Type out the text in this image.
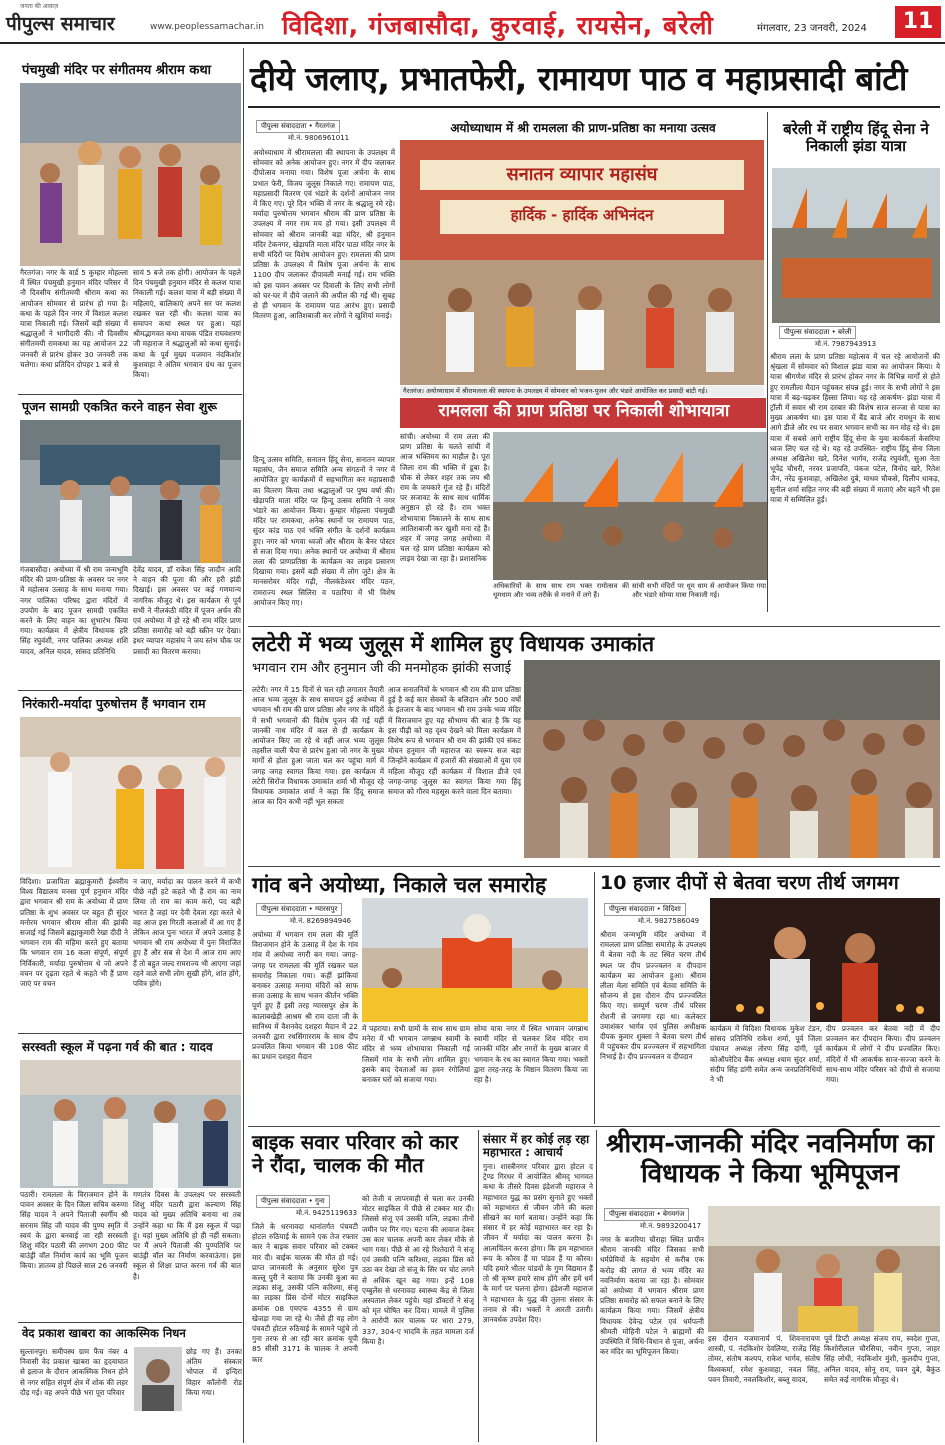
जनता की आवाज़
पीपुल्स समाचार	www.peoplessamachar.in विदिशा, गंजबासौदा, कुरवाई, रायसेन, बरेली	मंगलवार, 23 जनवरी, 2024	11
पंचमुखी मंदिर पर संगीतमय श्रीराम कथा
गैरतगंज। नगर के वार्ड 5 कुम्हार मोहल्ला में स्थित पंचमुखी हनुमान मंदिर परिसर में नौ दिवसीय संगीतमयी श्रीराम कथा का आयोजन सोमवार से प्रारंभ हो गया है। कथा के पहले दिन नगर में विशाल कलश यात्रा निकाली गई। जिसमें बड़ी संख्या में श्रद्धालुओं ने भागीदारी की। नौ दिवसीय संगीतमयी रामकथा का यह आयोजन 22 जनवरी से प्रारंभ होकर 30 जनवरी तक चलेगा। कथा प्रतिदिन दोपहर 1 बजे से
सायं 5 बजे तक होगी। आयोजन के पहले दिन पंचमुखी हनुमान मंदिर से कलश यात्रा निकाली गई। कलश यात्रा में बड़ी संख्या में महिलाएं, बालिकाएं अपने सर पर कलश रखकर चल रही थी। कलश यात्रा का समापन कथा स्थल पर हुआ। यहां श्रीमद्भागवत कथा वाचक पंडित राघवशरण जी महाराज ने श्रद्धालुओं को कथा सुनाई। कथा के पूर्व मुख्य यजमान नंदकिशोर कुशवाहा ने अंतिम भगवान ग्रंथ का पूजन किया।
पूजन सामग्री एकत्रित करने वाहन सेवा शुरू
गंजबासौदा। अयोध्या में श्री राम जन्मभूमि मंदिर की प्राण-प्रतिष्ठा के अवसर पर नगर में महोत्सव उत्साह के साथ मनाया गया। नगर पालिका परिषद द्वारा मंदिरों में उपयोग के बाद पूजन सामग्री एकत्रित करने के लिए वाहन का शुभारंभ किया गया। कार्यक्रम में क्षेत्रीय विधायक हरि सिंह रघुवंशी, नगर पालिका अध्यक्ष शशि यादव, अनिल यादव, सांसद प्रतिनिधि
देवेंद्र यादव, डॉ राकेश सिंह जादौन आदि ने वाहन की पूजा की और हरी झंडी दिखाई। इस अवसर पर कई गणमान्य नागरिक मौजूद थे। इस कार्यक्रम से पूर्व सभी ने नीलकंठी मंदिर में पूजन अर्चन की एवं अयोध्या में हो रहे श्री राम मंदिर प्राण प्रतिष्ठा समारोह को बड़ी स्क्रीन पर देखा। इधर व्यापार महासंघ ने जय स्तंभ चौक पर प्रसादी का वितरण कराया।
निरंकारी-मर्यादा पुरुषोत्तम हैं भगवान राम
विदिशा। प्रजापिता ब्रह्माकुमारी ईश्वरीय विश्व विद्यालय मनसा पूर्ण हनुमान मंदिर द्वारा भगवान श्री राम के अयोध्या में प्राण प्रतिष्ठा के शुभ अवसर पर बहुत ही सुंदर मनोरम भगवान श्रीराम सीता की झांकी सजाई गई जिसमें ब्रह्माकुमारी रेखा दीदी ने भगवान राम की महिमा करते हुए बताया कि भगवान राम 16 कला संपूर्ण, संपूर्ण निर्विकारी, मर्यादा पुरुषोत्तम थे जो अपने वचन पर दृढ़ता रहते थे कहते भी हैं प्राण जाएं पर वचन
न जाए, मर्यादा का पालन करने में कभी पीछे नहीं हटे कहते भी हैं राम का नाम लिया तो राम का काम करो, पद बड़ी भारत है जहां पर देवी देवता रहा करते थे वह आज इस गिरती कलाओं में आ गए हैं लेकिन आज पुनः भारत में अपने उत्साह है भगवान श्री राम अयोध्या में पुनः विराजित हुए हैं और सब से देश में आज राम आए हैं तो बहुत जल्द रामराज्य भी आएगा जहां रहने वाले सभी लोग सुखी होंगे, शांत होंगे, पवित्र होंगे।
सरस्वती स्कूल में पढ़ना गर्व की बात : यादव
पठारी। रामलला के विराजमान होने के पावन अवसर के दिन जिला सचिव करुणा सिंह यादव ने अपने पिताजी स्वर्गीय श्री सरनाम सिंह जी यादव की पुण्य स्मृति में स्वयं के द्वारा बनवाई जा रही सरस्वती शिशु मंदिर पठारी की लगभग 200 फीट बाउंड्री वॉल निर्माण कार्य का भूमि पूजन किया। ज्ञातव्य हो पिछले साल 26 जनवरी
गणतंत्र दिवस के उपलक्ष्य पर सरस्वती शिशु मंदिर पठारी द्वारा कल्याण सिंह यादव को मुख्य अतिथि बनाया था तब उन्होंने कहा था कि मैं इस स्कूल में पढ़ा हूं। यहां मुख्य अतिथि हो ही नहीं सकता। पर मैं अपने पिताजी की पुण्यतिथि पर बाउंड्री वॉल का निर्माण करवाऊंगा। इस स्कूल से शिक्षा प्राप्त करना गर्व की बात है।
वेद प्रकाश खाबरा का आकस्मिक निधन
सुल्तानपुर। समीपस्थ ग्राम फैंच नंबर 4 निवासी वेद प्रकाश खाबरा का हृदयाघात से इलाज के दौरान आकस्मिक निधन होने से नगर सहित संपूर्ण क्षेत्र में शोक की लहर दौड़ गई। वह अपने पीछे भरा पूरा परिवार
छोड़ गए हैं। उनका अंतिम संस्कार भोपाल में इन्दिरा विहार कॉलोनी रोड किया गया।
दीये जलाए, प्रभातफेरी, रामायण पाठ व महाप्रसादी बांटी
पीपुल्स संवाददाता • गैरतगंज
मो.नं. 9806961011
अयोध्याधाम में श्रीरामलला की स्थापना के उपलक्ष्य में सोमवार को अनेक आयोजन हुए। नगर में दीप जलाकर दीपोत्सव मनाया गया। विशेष पूजा अर्चना के साथ प्रभात फेरी, विजय जुलूस निकाले गए। रामायण पाठ, महाप्रसादी वितरण एवं भंडारे के दर्शनों आयोजन नगर में किए गए। पूरे दिन भक्ति में नगर के श्रद्धालु रमे रहे। मर्यादा पुरुषोत्तम भगवान श्रीराम की प्राण प्रतिष्ठा के उपलक्ष्य में नगर राम मय हो गया। इसी उपलक्ष्य में सोमवार को श्रीराम जानकी बड़ा मंदिर, श्री हनुमान मंदिर टेकनगर, खेड़ापति माता मंदिर पाठा मंदिर नगर के सभी मंदिरों पर विशेष आयोजन हुए। रामलला की प्राण प्रतिष्ठा के उपलक्ष्य में विशेष पूजा अर्चना के साथ 1100 दीप जलाकर दीपावली मनाई गई। राम भक्ति को इस पावन अवसर पर दिवाली के लिए सभी लोगों को घर-घर में दीये जलाने की अपील की गई थी। सुबह से ही भगवान के रामायण पाठ आरंभ हुए। प्रसादी वितरण हुआ, आतिशबाजी कर लोगों ने खुशियां मनाई।
हिन्दू उत्सव समिति, सनातन हिंदू सेना, सनातन व्यापार महासंघ, जैन समाज समिति अन्य संगठनों ने नगर में आयोजित हुए कार्यक्रमों में सहभागिता कर महाप्रसादी का वितरण किया तथा श्रद्धालुओं पर पुष्प वर्षा की। खेड़ापति माता मंदिर पर हिन्दू उत्सव समिति ने नगर भंडारे का आयोजन किया। कुम्हार मोहल्ला पंचमुखी मंदिर पर रामकथा, अनेक स्थानों पर रामायण पाठ, सुंदर कांड पाठ एवं भक्ति संगीत के दर्शनों कार्यक्रम हुए। नगर को भगवा ध्वजों और श्रीराम के बैनर पोस्टर से सजा दिया गया। अनेक स्थानों पर अयोध्या में श्रीराम लला की प्राणप्रतिष्ठा के कार्यक्रम का लाइव प्रसारण दिखाया गया। इसमें बड़ी संख्या में लोग जुटे। क्षेत्र के मानसरोवर मंदिर गढ़ी, नीलकंठेश्वर मंदिर पठन, रामराज्य स्थल सिलिरा व पठारिया में भी विशेष आयोजन किए गए।
अयोध्याधाम में श्री रामलला की प्राण-प्रतिष्ठा का मनाया उत्सव
सनातन व्यापार महासंघ
हार्दिक - हार्दिक अभिनंदन
गैरतगंज। अयोध्याधाम में श्रीरामलला की स्थापना के उपलक्ष्य में सोमवार को भजन-पूजन और भंडारे आयोजित कर प्रसादी बांटी गई।
बरेली में राष्ट्रीय हिंदू सेना ने निकाली झंडा यात्रा
पीपुल्स संवाददाता • बरेली
मो.नं. 7987943913
श्रीराम लला के प्राण प्रतिष्ठा महोत्सव में चल रहे आयोजनों की श्रृंखला में सोमवार को विशाल झंडा यात्रा का आयोजन किया। ये यात्रा श्रीगणेश मंदिर से प्रारंभ होकर नगर के विभिन्न मार्गों से होते हुए रामलीला मैदान पहुंचकर संपन्न हुई। नगर के सभी लोगों ने इस यात्रा में बढ़-चढ़कर हिस्सा लिया। यह रहे आकर्षण- झंडा यात्रा में ट्रॉली में सवार श्री राम दरबार की विशेष साज सज्जा से यात्रा का मुख्य आकर्षण था। इस यात्रा में बैंड बाजे और रामधुन के साथ आगे डीजे और रथ पर सवार भगवान सभी का मन मोह रहे थे। इस यात्रा में सबसे आगे राष्ट्रीय हिंदू सेना के युवा कार्यकर्ता केसरिया ध्वज लिए चल रहे थे। यह रहे उपस्थित- राष्ट्रीय हिंदू सेना जिला अध्यक्ष अखिलेश खरे, दिनेश भार्गव, राजेंद्र रघुवंशी, सुआ नेता भूपेंद्र चौधरी, नरवर प्रजापति, पंकज पटेल, विनोद खरे, रितेश जैन, नरेंद्र कुशवाहा, अखिलेश दुबे, माधव चौकसे, दिलीप धाकड़, सुनील शर्मा सहित नगर की बड़ी संख्या में माताएं और बहनें भी इस यात्रा में सम्मिलित हुईं।
रामलला की प्राण प्रतिष्ठा पर निकाली शोभायात्रा
सांची। अयोध्या में राम लला की प्राण प्रतिष्ठा के चलते सांची में आज भक्तिमय का माहौल है। पूरा जिला राम की भक्ति में डूबा है। चौक से लेकर शहर तक जय श्री राम के जयकारे गूंज रहे हैं। मंदिरों पर सजावट के साथ साथ धार्मिक अनुष्ठान हो रहे हैं। राम भक्त शोभायात्रा निकालने के साथ साथ आतिशबाजी कर खुशी मना रहे हैं। शहर में जगह जगह अयोध्या में चल रहे प्राण प्रतिष्ठा कार्यक्रम को लाइव देखा जा रहा है। प्रशासनिक
अधिकारियों के साथ साथ राम भक्त रामोत्सव की धूमधाम और भव्य तरीके से मनाने में लगे हैं।
सांची सभी मंदिरों पर धूम धाम से आयोजन किया गया और भंडारे सोम्या यात्रा निकाली गई।
लटेरी में भव्य जुलूस में शामिल हुए विधायक उमाकांत
भगवान राम और हनुमान जी की मनमोहक झांकी सजाई
लटेरी। नगर में 15 दिनों से चल रही लगातार तैयारी आज भव्य जुलूस के साथ समापन हुई अयोध्या में भगवान श्री राम की प्राण प्रतिष्ठा और नगर के मंदिरों में सभी भगवानों की विशेष पूजन की गई यहीं जानकी नाथ मंदिर में कल से ही कार्यक्रम के आयोजन किए जा रहे थे वहीं आज भव्य जुलूस तहसील वाली चैपा से प्रारंभ हुआ जो नगर के मुख्य मार्गों से होता हुआ जाता चल कर पहुंचा मार्ग में जगह जगह स्वागत किया गया। इस कार्यक्रम में लटेरी सिरोंज विधायक उमाकांत शर्मा भी मौजूद रहे विधायक उमाकांत शर्मा ने कहा कि हिंदू समाज आज का दिन कभी नहीं भूल सकता
आज सनातनियों के भगवान श्री राम की प्राण प्रतिष्ठा हुई है कई कार सेवकों के बलिदान और 500 वर्षों के इंतजार के बाद भगवान श्री राम उनके भव्य मंदिर में विराजमान हुए यह सौभाग्य की बात है कि यह इस पीढ़ी को यह दृश्य देखने को मिला कार्यक्रम में विशेष रूप से भगवान श्री राम की झांकी एवं संकट मोचन हनुमान जी महाराज का स्वरूप सज बड़ा जिन्होंने कार्यक्रम में हजारों की संख्याओं में युवा एवं महिला मौजूद रहीं कार्यक्रम में विशाल डीजे एवं जगह-जगह जुलूस का स्वागत किया गया हिंदू समाज को गौरव महसूस करने वाला दिन बताया।
गांव बने अयोध्या, निकाले चल समारोह
पीपुल्स संवाददाता • ग्यारसपुर
मो.नं. 8269894946
अयोध्या में भगवान राम लला की मूर्ति विराजमान होने के उत्साह में देश के गांव गांव में अयोध्या नगरी बन गया। जगह-जगह पर रामलला की मूर्ति रखकर चल समारोह निकाला गया। कहीं झांकियां बनाकर उत्साह मनाया मंदिरों को साफ सजा उत्साह के साथ भजन कीर्तन भक्ति पूर्ण हुए हैं इसी तरह ग्यारसपुर क्षेत्र के कालाबखेड़ी आश्रम श्री राम दाता जी के सानिध्य में वैशनवेद दशहरा मैदान में 22 जनवरी द्वारा रथसिंगारराम के साथ दीप प्रज्वलित किया भगवान की 108 फीट का प्रधान दशहरा मैदान
में पहराया। सभी ग्रामों के साथ साथ ग्राम मनेरा में भी भगवान जगन्नाथ स्वामी के मंदिर से भव्य शोभायात्रा निकाली गई जिसमें गांव के सभी लोग शामिल हुए। इसके बाद देवताओं का हवन रंगोलियां बनाकर घरों को सजाया गया।
सोमा यात्रा नगर में स्थित भगवान जगन्नाथ स्वामी मंदिर से चलकर शिव मंदिर राम जानकी मंदिर और नगरों के मुख्य बाजार में भगवान के रथ का स्वागत किया गया। भक्तों द्वारा तरह-तरह के मिष्ठान वितरण किया जा रहा है।
10 हजार दीपों से बेतवा चरण तीर्थ जगमग
पीपुल्स संवाददाता • विदिशा
मो.नं. 9827586049
श्रीराम जन्मभूमि मंदिर अयोध्या में रामलला प्राण प्रतिष्ठा समारोह के उपलक्ष्य में बेतवा नदी के तट स्थित चरण तीर्थ स्थल पर दीप प्रज्ज्वलन व दीपदान कार्यक्रम का आयोजन हुआ। श्रीराम लीला मेला समिति एवं बेतवा समिति के सौजन्य से इस दौरान दीप प्रज्ज्वलित किए गए। सम्पूर्ण चरण तीर्थ परिसर रोशनी से जगमगा रहा था। कलेक्टर उमाशंकर भार्गव एवं पुलिस अधीक्षक दीपक कुमार शुक्ला ने बेतवा चरण तीर्थ में पहुंचकर दीप प्रज्ज्वलन में सहभागिता निभाई है। दीप प्रज्ज्वलन व दीपदान
कार्यक्रम में विदिशा विधायक मुकेश टंडन, सांसद प्रतिनिधि राकेश शर्मा, पूर्व जिला पंचायत अध्यक्ष तोरण सिंह दांगी, पूर्व कोऑपरेटिव बैंक अध्यक्ष श्याम सुंदर शर्मा, संदीप सिंह डांगी समेत अन्य जनप्रतिनिधियों ने भी
दीप प्र‍ज्वलन कर बेतवा नदी में दीप प्रज्वलन कर दीपदान किया। दीप प्रज्वलन कार्यक्रम में लोगों ने दीप प्रज्वलित किए। मंदिरों में भी आकर्षक साज-सज्जा करने के साथ-साथ मंदिर परिसर को दीपों से सजाया गया।
बाइक सवार परिवार को कार ने रौंदा, चालक की मौत
पीपुल्स संवाददाता • गुना
मो.नं. 9425119633
जिले के धरनावदा थानांतर्गत पंचवटी होटल रुठियाई के सामने एक तेज रफ्तार कार ने बाइक सवार परिवार को टक्कर मार दी। बाईक चालक की मौत हो गई। प्राप्त जानकारी के अनुसार सुरेश पुत्र कल्लू पुरी ने बताया कि उनकी बुआ का लड़का संजू, उसकी पत्नि करिश्मा, संजू का लड़का प्रिंस दोनों मोटर साइकिल क्रमांक 08 एमएफ 4355 से ग्राम खेजड़ा गया जा रहे थे। जैसे ही वह लोग पंचवटी होटल रुठियाई के सामने पहुंचे तो गुना तरफ से आ रही कार क्रमांक यूपी 85 सीसी 3171 के चालक ने अपनी कार
को तेजी व लापरवाही से चला कर उनकी मोटर साइकिल में पीछे से टक्कर मार दी। जिससे संजू एवं उसकी पत्नि, लड़का तीनों जमीन पर गिर गए। घटना की आवाज देकर उस कार चालक अपनी कार लेकर मौके से भाग गया। पीछे से आ रहे रिश्तेदारों ने संजू एवं उसकी पत्नि करिश्मा, लड़का प्रिंस को उठा कर देखा तो संजू के सिर पर चोट लगने से अधिक खून बह गया। इन्हें 108 एम्बुलेंस से धरनावदा स्वास्थ्य केंद्र से जिला अस्पताल लेकर पहुंचे। यहां डॉक्टरों ने संजू को मृत घोषित कर दिया। मामले में पुलिस ने आरोपी कार चालक पर धारा 279, 337, 304-ए भादवि के तहत मामला दर्ज किया है।
संसार में हर कोई लड़ रहा महाभारत : आचार्य
गुना। शास्त्रीनगर परिवार द्वारा होटल द ट्रेण्ड गिरधर में आयोजित श्रीमद् भागवत कथा के तीसरे दिवस इंद्रेशजी महाराज ने महाभारत युद्ध का प्रसंग सुनाते हुए भक्तों को महाभारत से जीवन जीने की कला सीखने का मार्ग बताया। उन्होंने कहा कि संसार में हर कोई महाभारत कर रहा है। जीवन में मर्यादा का पालन करना है। आत्मचिंतन करना होगा। कि हम महाभारत रूप के कौरव हैं या पांडव हैं या कौरव। यदि हमारे भीतर पांडवों के गुण विद्यमान हैं तो श्री कृष्ण हमारे साथ होंगे और हमें धर्म के मार्ग पर चलना होगा। इंद्रेशजी महाराज ने महाभारत के युद्ध की तुलना संसार के तनाव से की। भक्तों ने आरती उतारी। ज्ञानवर्धक उपदेश दिए।
श्रीराम-जानकी मंदिर नवनिर्माण का विधायक ने किया भूमिपूजन
पीपुल्स संवाददाता • बेगमगंज
मो.नं. 9893200417
नगर के बजरिया चौराहा स्थित प्राचीन श्रीराम जानकी मंदिर जिसका सभी धर्मप्रेमियों के सहयोग से करीब एक करोड़ की लागत से भव्य मंदिर का नवनिर्माण कराया जा रहा है। सोमवार को अयोध्या में भगवान श्रीराम प्राण प्रतिष्ठा समारोह को सफल बनाने के लिए कार्यक्रम किया गया। जिसमें क्षेत्रीय विधायक देवेन्द्र पटेल एवं धर्मपत्नी श्रीमती मोहिनी पटेल ने ब्राह्मणों की उपस्थिति में विधि-विधान से पूजा, अर्चना कर मंदिर का भूमिपूजन किया।
इस दौरान यजमानार्य पं. शिवनारायण शास्त्री, पं. नंदकिशोर देवलिया, राजेंद्र सिंह तोमर, संतोष कश्यप, राकेश भार्गव, संतोष विश्वकर्मा, रमेश कुशवाहा, नवल सिंह, पवन तिवारी, नवलकिशोर, बब्लू यादव,
पूर्व डिप्टी अध्यक्ष संजय राय, स्वदेश गुप्ता, किशोरीलाल चौरसिया, नवीन गुप्ता, जाहर सिंह लोधी, नंदकिशोर मुंशी, कुलदीप गुप्ता, अनिल यादव, सोनू राय, पवन दुबे, बैकुंठ समेत कई नागरिक मौजूद थे।
